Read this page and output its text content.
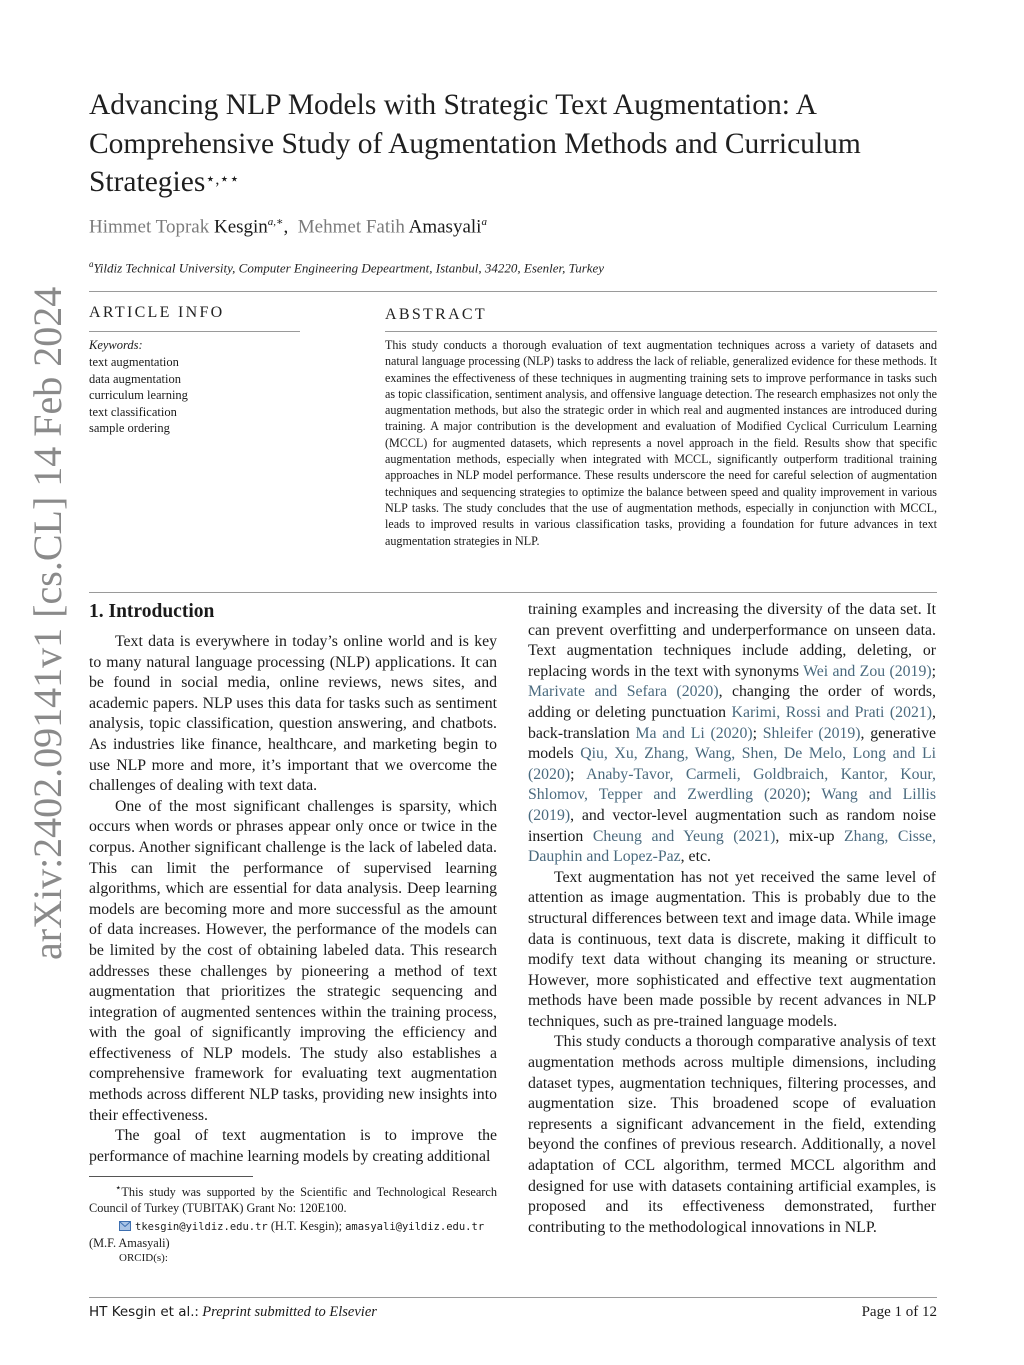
arXiv:2402.09141v1 [cs.CL] 14 Feb 2024
Advancing NLP Models with Strategic Text Augmentation: A
Comprehensive Study of Augmentation Methods and Curriculum
Strategies⋆,⋆⋆
Himmet Toprak Kesgin$^{a,∗}$, Mehmet Fatih Amasyali$^a$
$^a$Yildiz Technical University, Computer Engineering Depeartment, Istanbul, 34220, Esenler, Turkey
ARTICLE INFO
Keywords:
text augmentation
data augmentation
curriculum learning
text classification
sample ordering
ABSTRACT
This study conducts a thorough evaluation of text augmentation techniques across a variety of datasets and natural language processing (NLP) tasks to address the lack of reliable, generalized evidence for these methods. It examines the effectiveness of these techniques in augmenting training sets to improve performance in tasks such as topic classification, sentiment analysis, and offensive language detection. The research emphasizes not only the augmentation methods, but also the strategic order in which real and augmented instances are introduced during training. A major contribution is the development and evaluation of Modified Cyclical Curriculum Learning (MCCL) for augmented datasets, which represents a novel approach in the field. Results show that specific augmentation methods, especially when integrated with MCCL, significantly outperform traditional training approaches in NLP model performance. These results underscore the need for careful selection of augmentation techniques and sequencing strategies to optimize the balance between speed and quality improvement in various NLP tasks. The study concludes that the use of augmentation methods, especially in conjunction with MCCL, leads to improved results in various classification tasks, providing a foundation for future advances in text augmentation strategies in NLP.
1. Introduction

Text data is everywhere in today’s online world and is key to many natural language processing (NLP) applications. It can be found in social media, online reviews, news sites, and academic papers. NLP uses this data for tasks such as sentiment analysis, topic classification, question answering, and chatbots. As industries like finance, healthcare, and marketing begin to use NLP more and more, it’s important that we overcome the challenges of dealing with text data.

One of the most significant challenges is sparsity, which occurs when words or phrases appear only once or twice in the corpus. Another significant challenge is the lack of labeled data. This can limit the performance of supervised learning algorithms, which are essential for data analysis. Deep learning models are becoming more and more successful as the amount of data increases. However, the performance of the models can be limited by the cost of obtaining labeled data. This research addresses these challenges by pioneering a method of text augmentation that prioritizes the strategic sequencing and integration of augmented sentences within the training process, with the goal of significantly improving the efficiency and effectiveness of NLP models. The study also establishes a comprehensive framework for evaluating text augmentation methods across different NLP tasks, providing new insights into their effectiveness.

The goal of text augmentation is to improve the performance of machine learning models by creating additional

training examples and increasing the diversity of the data set. It can prevent overfitting and underperformance on unseen data. Text augmentation techniques include adding, deleting, or replacing words in the text with synonyms Wei and Zou (2019); Marivate and Sefara (2020), changing the order of words, adding or deleting punctuation Karimi, Rossi and Prati (2021), back-translation Ma and Li (2020); Shleifer (2019), generative models Qiu, Xu, Zhang, Wang, Shen, De Melo, Long and Li (2020); Anaby-Tavor, Carmeli, Goldbraich, Kantor, Kour, Shlomov, Tepper and Zwerdling (2020); Wang and Lillis (2019), and vector-level augmentation such as random noise insertion Cheung and Yeung (2021), mix-up Zhang, Cisse, Dauphin and Lopez-Paz, etc.

Text augmentation has not yet received the same level of attention as image augmentation. This is probably due to the structural differences between text and image data. While image data is continuous, text data is discrete, making it difficult to modify text data without changing its meaning or structure. However, more sophisticated and effective text augmentation methods have been made possible by recent advances in NLP techniques, such as pre-trained language models.

This study conducts a thorough comparative analysis of text augmentation methods across multiple dimensions, including dataset types, augmentation techniques, filtering processes, and augmentation size. This broadened scope of evaluation represents a significant advancement in the field, extending beyond the confines of previous research. Additionally, a novel adaptation of CCL algorithm, termed MCCL algorithm and designed for use with datasets containing artificial examples, is proposed and its effectiveness demonstrated, further contributing to the methodological innovations in NLP.

⋆This study was supported by the Scientific and Technological Research Council of Turkey (TUBITAK) Grant No: 120E100.

tkesgin@yildiz.edu.tr (H.T. Kesgin); amasyali@yildiz.edu.tr
(M.F. Amasyali)

ORCID(s):

HT Kesgin et al.: Preprint submitted to Elsevier	Page 1 of 12
